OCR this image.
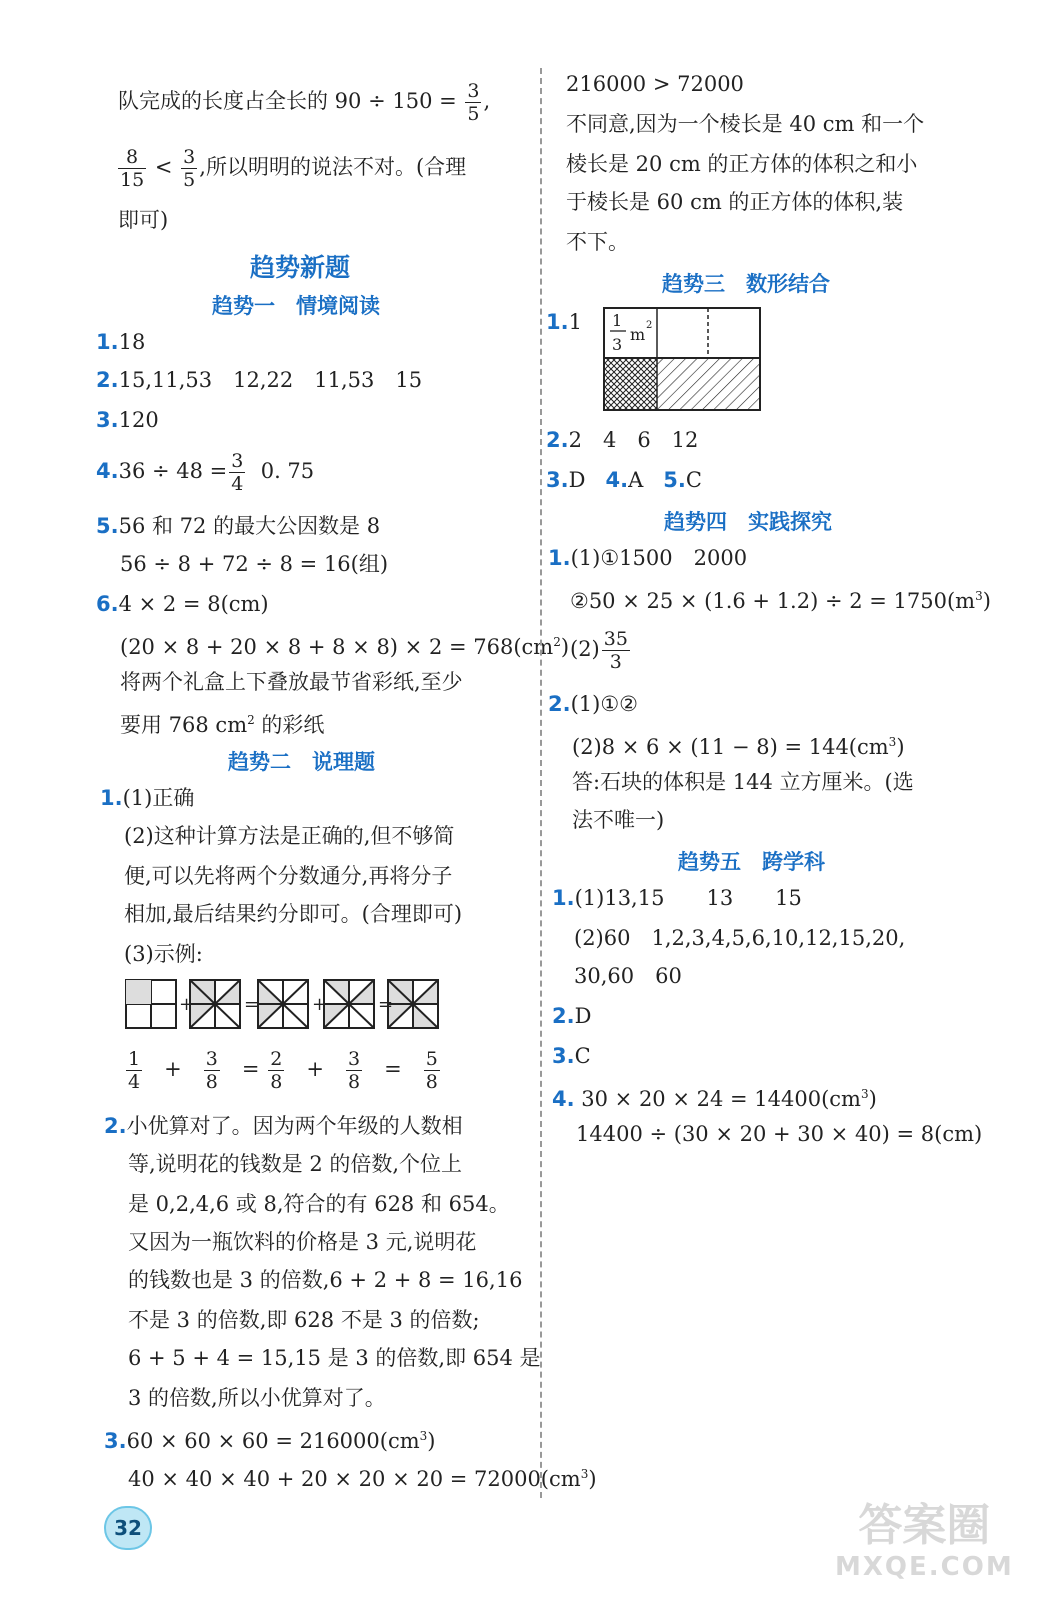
队完成的长度占全长的 $90 \div 150 = \frac{3}{5}$ ,
$\frac{8}{15} < \frac{3}{5}$ ,所以明明的说法不对。(合理
即可)
趋势新题
趋势一　情境阅读
1.18
2.15,11,53　12,22　11,53　15
3.120
$4.36 \div 48 = \frac{3}{4} 0$. 75
5.56 和 72 的最大公因数是 8
56 ÷ 8 + 72 ÷ 8 = 16(组)
6.4 × 2 = 8(cm)
$(20 \times 8 + 20 \times 8 + 8 \times 8) \times 2 = 768(cm^2)$
将两个礼盒上下叠放最节省彩纸,至少
要用 768 $cm^2$ 的彩纸
趋势二　说理题
1.(1)正确
(2)这种计算方法是正确的,但不够简
便,可以先将两个分数通分,再将分子
相加,最后结果约分即可。(合理即可)
(3)示例:
+	=	+	=
$\frac{1}{4} + \frac{3}{8} = \frac{2}{8} + \frac{3}{8} = \frac{5}{8}$
2.小优算对了。因为两个年级的人数相
等,说明花的钱数是 2 的倍数,个位上
是 0,2,4,6 或 8,符合的有 628 和 654。
又因为一瓶饮料的价格是 3 元,说明花
的钱数也是 3 的倍数,6 + 2 + 8 = 16,16
不是 3 的倍数,即 628 不是 3 的倍数;
6 + 5 + 4 = 15,15 是 3 的倍数,即 654 是
3 的倍数,所以小优算对了。
$3.60 \times 60 \times 60 = 216000(cm^3)$
$40 \times 40 \times 40 + 20 \times 20 \times 20 = 72000(cm^3)$
216000 > 72000
不同意,因为一个棱长是 40 cm 和一个
棱长是 20 cm 的正方体的体积之和小
于棱长是 60 cm 的正方体的体积,装
不下。
趋势三　数形结合
1.1 1
3
m 2
2.2　4　6　12
3.D 4.A 5.C
趋势四　实践探究
1.(1)①1500　2000
②50 × $25 \times (1.6 + 1.2) \div 2 = 1750(m^3)$
$(2) \frac{35}{3}$
2.(1)①②
$(2)8 \times 6 \times (11 - 8) = 144(cm^3)$
答:石块的体积是 144 立方厘米。(选
法不唯一)
趋势五　跨学科
1.(1)13,15　　13　　15
(2)60　1,2,3,4,5,6,10,12,15,20,
30,60　60
2.D
3.C
4. $30 \times 20 \times 24 = 14400(cm^3)$
14400 ÷ (30 × 20 + 30 × 40) = 8(cm)
32	答案圈
MXQE.COM
